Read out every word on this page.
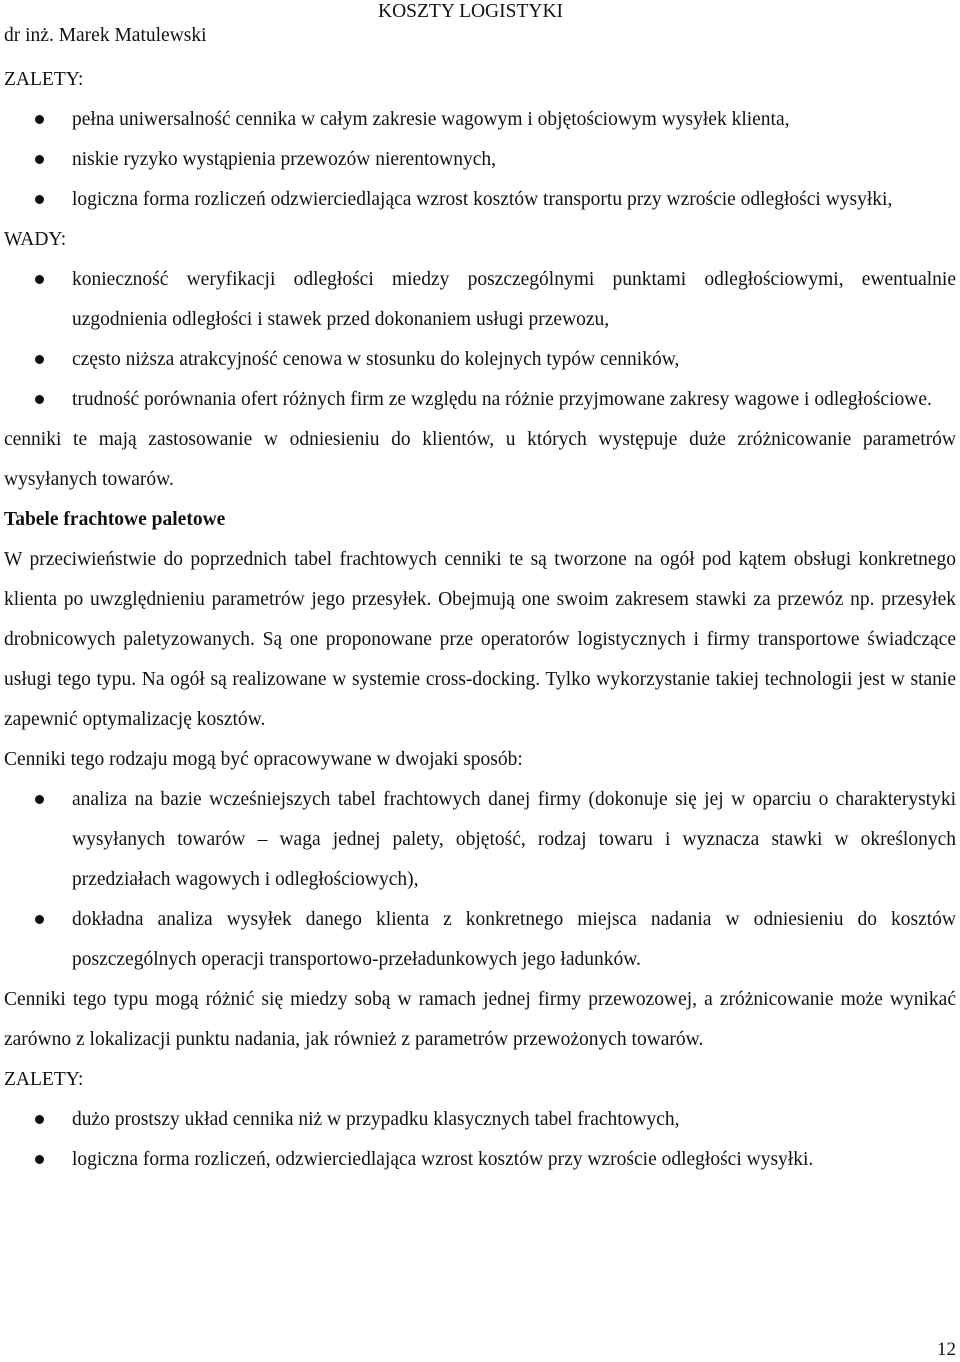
KOSZTY LOGISTYKI
dr inż. Marek Matulewski
ZALETY:
pełna uniwersalność cennika w całym zakresie wagowym i objętościowym wysyłek klienta,
niskie ryzyko wystąpienia przewozów nierentownych,
logiczna forma rozliczeń odzwierciedlająca wzrost kosztów transportu przy wzroście odległości wysyłki,
WADY:
konieczność weryfikacji odległości miedzy poszczególnymi punktami odległościowymi, ewentualnie uzgodnienia odległości i stawek przed dokonaniem usługi przewozu,
często niższa atrakcyjność cenowa w stosunku do kolejnych typów cenników,
trudność porównania ofert różnych firm ze względu na różnie przyjmowane zakresy wagowe i odległościowe.
cenniki te mają zastosowanie w odniesieniu do klientów, u których występuje duże zróżnicowanie parametrów wysyłanych towarów.
Tabele frachtowe paletowe
W przeciwieństwie do poprzednich tabel frachtowych cenniki te są tworzone na ogół pod kątem obsługi konkretnego klienta po uwzględnieniu parametrów jego przesyłek. Obejmują one swoim zakresem stawki za przewóz np. przesyłek drobnicowych paletyzowanych. Są one proponowane prze operatorów logistycznych i firmy transportowe świadczące usługi tego typu. Na ogół są realizowane w systemie cross-docking. Tylko wykorzystanie takiej technologii jest w stanie zapewnić optymalizację kosztów.
Cenniki tego rodzaju mogą być opracowywane w dwojaki sposób:
analiza na bazie wcześniejszych tabel frachtowych danej firmy (dokonuje się jej w oparciu o charakterystyki wysyłanych towarów – waga jednej palety, objętość, rodzaj towaru i wyznacza stawki w określonych przedziałach wagowych i odległościowych),
dokładna analiza wysyłek danego klienta z konkretnego miejsca nadania w odniesieniu do kosztów poszczególnych operacji transportowo-przeładunkowych jego ładunków.
Cenniki tego typu mogą różnić się miedzy sobą w ramach jednej firmy przewozowej, a zróżnicowanie może wynikać zarówno z lokalizacji punktu nadania, jak również z parametrów przewożonych towarów.
ZALETY:
dużo prostszy układ cennika niż w przypadku klasycznych tabel frachtowych,
logiczna forma rozliczeń, odzwierciedlająca wzrost kosztów przy wzroście odległości wysyłki.
12
